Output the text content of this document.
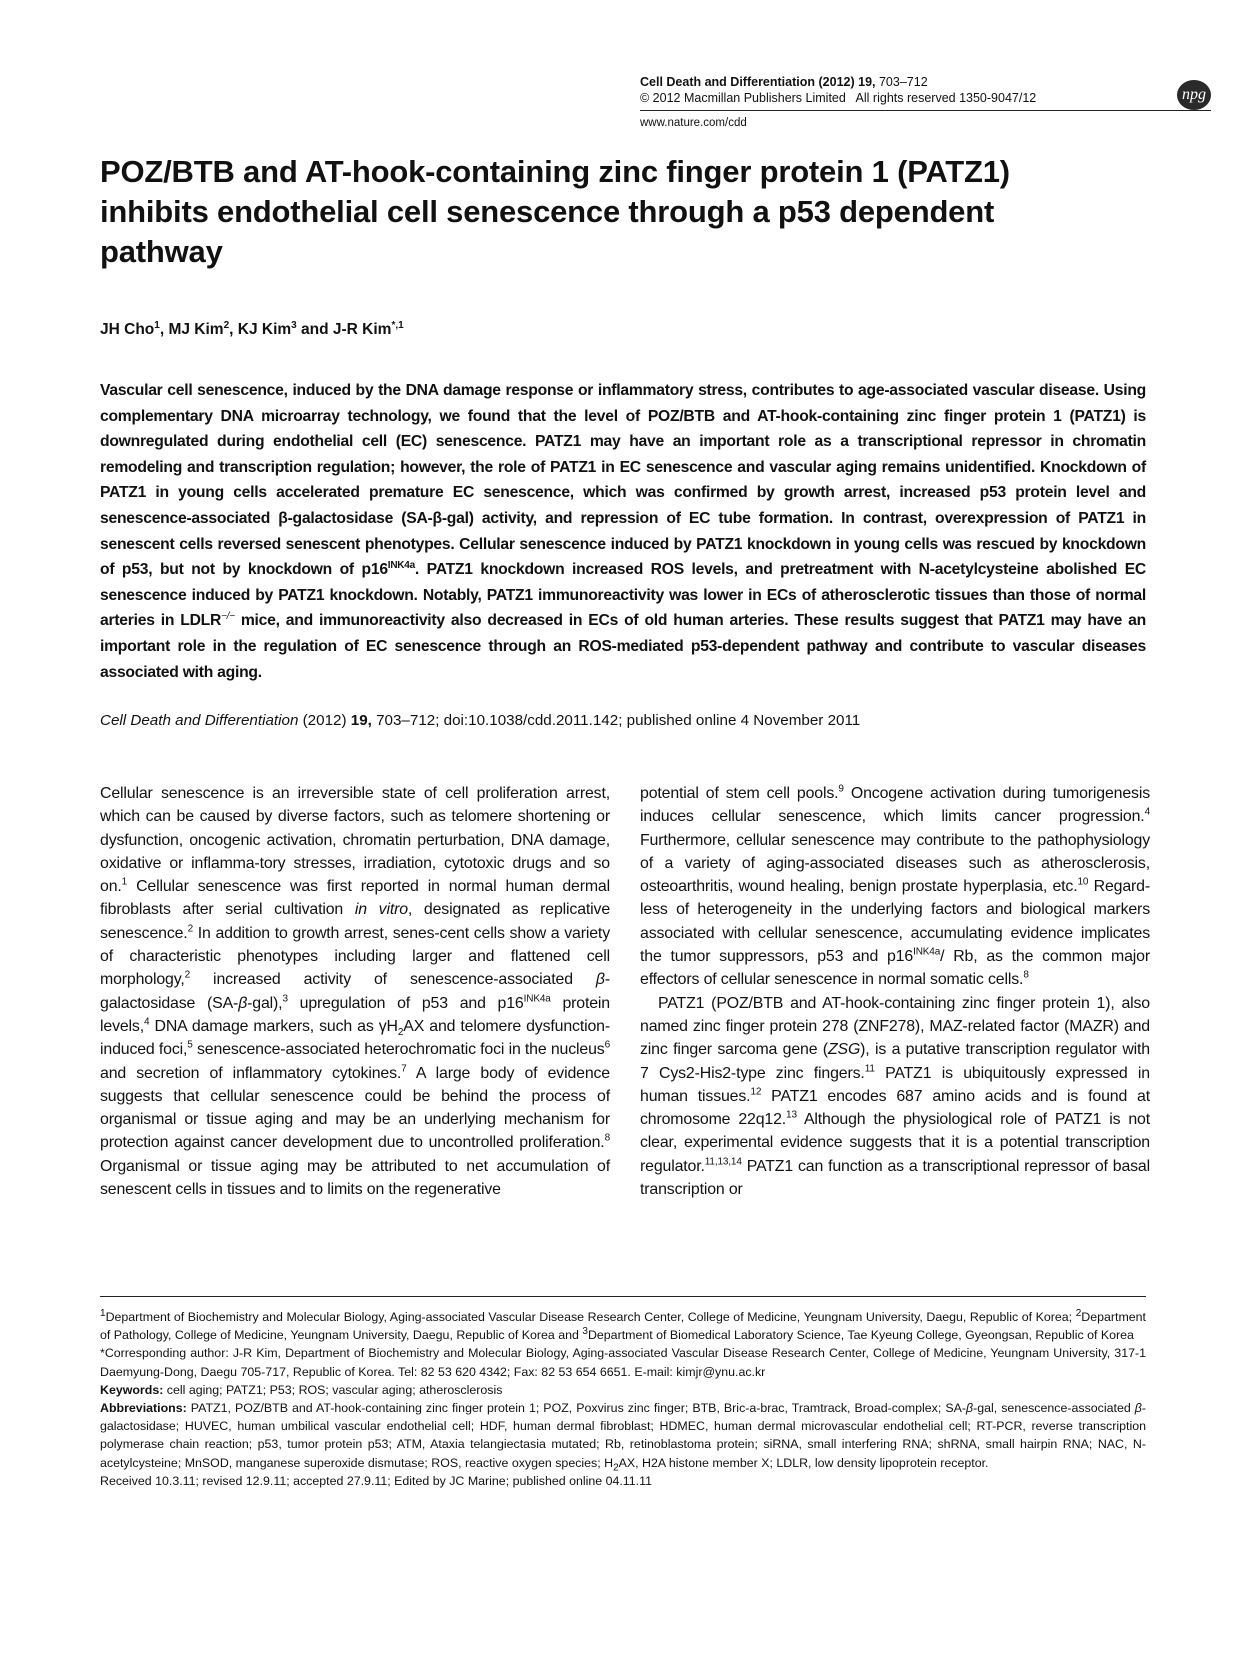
Cell Death and Differentiation (2012) 19, 703–712
© 2012 Macmillan Publishers Limited   All rights reserved 1350-9047/12
www.nature.com/cdd
npg
POZ/BTB and AT-hook-containing zinc finger protein 1 (PATZ1) inhibits endothelial cell senescence through a p53 dependent pathway
JH Cho$^1$, MJ Kim$^2$, KJ Kim$^3$ and J-R Kim$^{*,1}$
Vascular cell senescence, induced by the DNA damage response or inflammatory stress, contributes to age-associated vascular disease. Using complementary DNA microarray technology, we found that the level of POZ/BTB and AT-hook-containing zinc finger protein 1 (PATZ1) is downregulated during endothelial cell (EC) senescence. PATZ1 may have an important role as a transcriptional repressor in chromatin remodeling and transcription regulation; however, the role of PATZ1 in EC senescence and vascular aging remains unidentified. Knockdown of PATZ1 in young cells accelerated premature EC senescence, which was confirmed by growth arrest, increased p53 protein level and senescence-associated β-galactosidase (SA-β-gal) activity, and repression of EC tube formation. In contrast, overexpression of PATZ1 in senescent cells reversed senescent phenotypes. Cellular senescence induced by PATZ1 knockdown in young cells was rescued by knockdown of p53, but not by knockdown of $p16^{INK4a}$. PATZ1 knockdown increased ROS levels, and pretreatment with N-acetylcysteine abolished EC senescence induced by PATZ1 knockdown. Notably, PATZ1 immunoreactivity was lower in ECs of atherosclerotic tissues than those of normal arteries in LDLR−/− mice, and immunoreactivity also decreased in ECs of old human arteries. These results suggest that PATZ1 may have an important role in the regulation of EC senescence through an ROS-mediated p53-dependent pathway and contribute to vascular diseases associated with aging.
Cell Death and Differentiation (2012) 19, 703–712; doi:10.1038/cdd.2011.142; published online 4 November 2011

Cellular senescence is an irreversible state of cell proliferation arrest, which can be caused by diverse factors, such as telomere shortening or dysfunction, oncogenic activation, chromatin perturbation, DNA damage, oxidative or inflamma-tory stresses, irradiation, cytotoxic drugs and so on.$^1$ Cellular senescence was first reported in normal human dermal fibroblasts after serial cultivation in vitro, designated as replicative senescence.$^2$ In addition to growth arrest, senes-cent cells show a variety of characteristic phenotypes including larger and flattened cell morphology,$^2$ increased activity of senescence-associated β-galactosidase (SA-β-gal),$^3$ upregulation of p53 and $p16^{INK4a}$ protein levels,$^4$ DNA damage markers, such as $\gamma H_2AX$ and telomere dysfunction-induced foci,$^5$ senescence-associated heterochromatic foci in the nucleus$^6$ and secretion of inflammatory cytokines.$^7$ A large body of evidence suggests that cellular senescence could be behind the process of organismal or tissue aging and may be an underlying mechanism for protection against cancer development due to uncontrolled proliferation.$^8$ Organismal or tissue aging may be attributed to net accumulation of senescent cells in tissues and to limits on the regenerative

potential of stem cell pools.$^9$ Oncogene activation during tumorigenesis induces cellular senescence, which limits cancer progression.$^4$ Furthermore, cellular senescence may contribute to the pathophysiology of a variety of aging-associated diseases such as atherosclerosis, osteoarthritis, wound healing, benign prostate hyperplasia, etc.$^{10}$ Regard-less of heterogeneity in the underlying factors and biological markers associated with cellular senescence, accumulating evidence implicates the tumor suppressors, p53 and $p16^{INK4a}/$ Rb, as the common major effectors of cellular senescence in normal somatic cells.$^8$

PATZ1 (POZ/BTB and AT-hook-containing zinc finger protein 1), also named zinc finger protein 278 (ZNF278), MAZ-related factor (MAZR) and zinc finger sarcoma gene (ZSG), is a putative transcription regulator with 7 Cys2-His2-type zinc fingers.$^{11}$ PATZ1 is ubiquitously expressed in human tissues.$^{12}$ PATZ1 encodes 687 amino acids and is found at chromosome 22q12.13 Although the physiological role of PATZ1 is not clear, experimental evidence suggests that it is a potential transcription regulator.$^{11,13,14}$ PATZ1 can function as a transcriptional repressor of basal transcription or

$^1$Department of Biochemistry and Molecular Biology, Aging-associated Vascular Disease Research Center, College of Medicine, Yeungnam University, Daegu, Republic of Korea; $^2$Department of Pathology, College of Medicine, Yeungnam University, Daegu, Republic of Korea and $^3$Department of Biomedical Laboratory Science, Tae Kyeung College, Gyeongsan, Republic of Korea

*Corresponding author: J-R Kim, Department of Biochemistry and Molecular Biology, Aging-associated Vascular Disease Research Center, College of Medicine, Yeungnam University, 317-1 Daemyung-Dong, Daegu 705-717, Republic of Korea. Tel: 82 53 620 4342; Fax: 82 53 654 6651. E-mail: kimjr@ynu.ac.kr

Keywords: cell aging; PATZ1; P53; ROS; vascular aging; atherosclerosis

Abbreviations: PATZ1, POZ/BTB and AT-hook-containing zinc finger protein 1; POZ, Poxvirus zinc finger; BTB, Bric-a-brac, Tramtrack, Broad-complex; SA-β-gal, senescence-associated β-galactosidase; HUVEC, human umbilical vascular endothelial cell; HDF, human dermal fibroblast; HDMEC, human dermal microvascular endothelial cell; RT-PCR, reverse transcription polymerase chain reaction; p53, tumor protein p53; ATM, Ataxia telangiectasia mutated; Rb, retinoblastoma protein; siRNA, small interfering RNA; shRNA, small hairpin RNA; NAC, N-acetylcysteine; MnSOD, manganese superoxide dismutase; ROS, reactive oxygen species; $H_2AX$, H2A histone member X; LDLR, low density lipoprotein receptor.

Received 10.3.11; revised 12.9.11; accepted 27.9.11; Edited by JC Marine; published online 04.11.11
